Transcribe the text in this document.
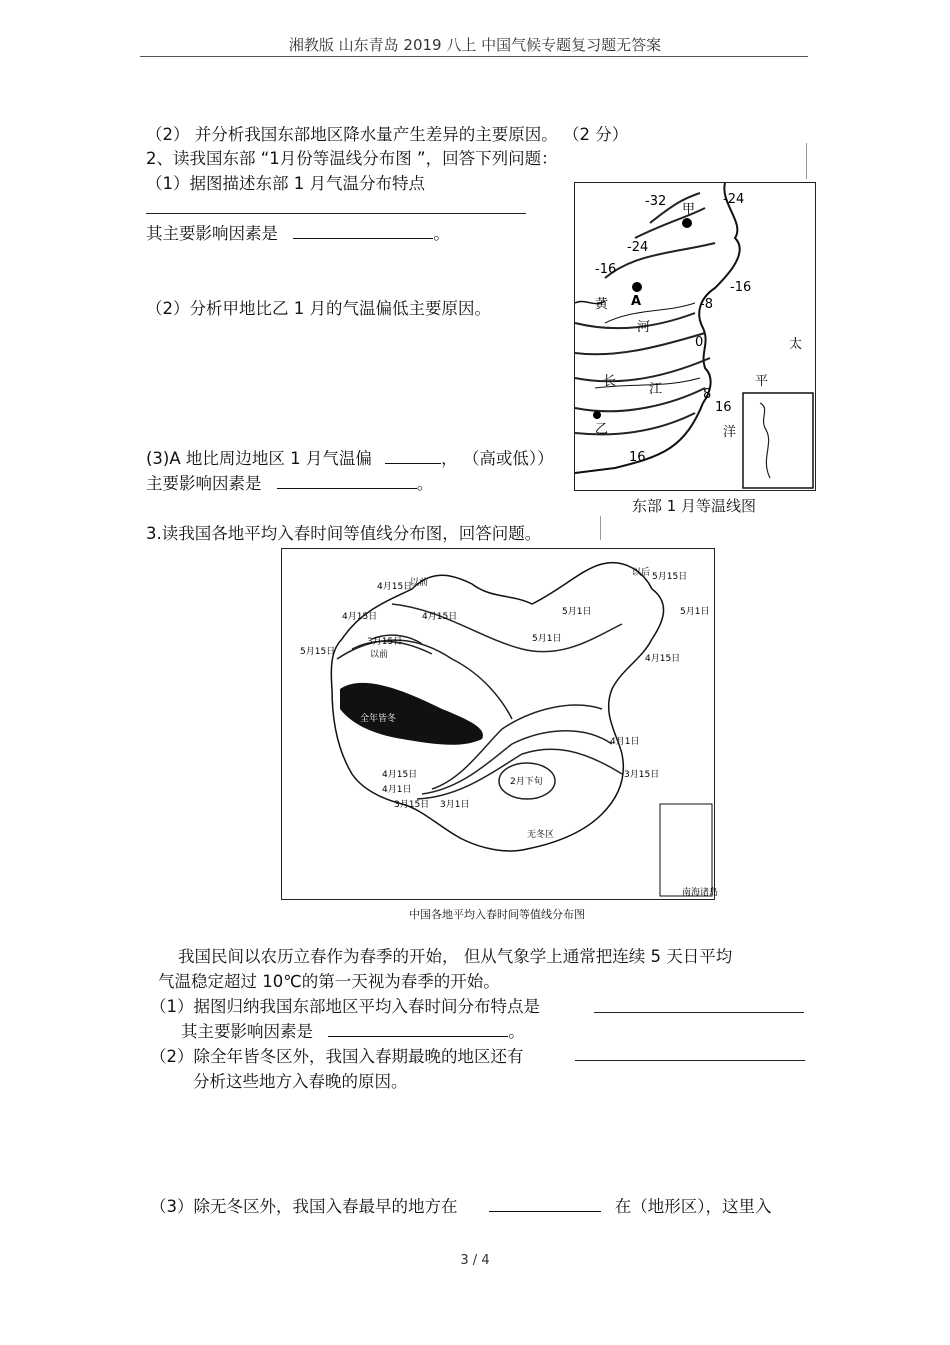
湘教版 山东青岛 2019 八上 中国气候专题复习题无答案
（2） 并分析我国东部地区降水量产生差异的主要原因。 （2 分）
2、读我国东部 “1月份等温线分布图 ”，回答下列问题：
（1）据图描述东部 1 月气温分布特点
其主要影响因素是	。
（2）分析甲地比乙 1 月的气温偏低主要原因。
(3)A 地比周边地区 1 月气温偏	， （高或低））
主要影响因素是	。
-32	-24
甲
-24
-16
-16
A
黄	-8
河
0	太
长
江
平
8
16
洋
乙
16
东部 1 月等温线图
3.读我国各地平均入春时间等值线分布图，回答问题。
以后
4月15日
以前
5月15日
4月15日	4月15日	5月1日	5月1日
5月15日
3月15日
以前
5月1日
4月15日
全年皆冬
4月1日
2月下旬
3月15日
4月15日
4月1日
3月15日 3月1日
无冬区
南海诸岛
中国各地平均入春时间等值线分布图
我国民间以农历立春作为春季的开始， 但从气象学上通常把连续 5 天日平均
气温稳定超过 10℃的第一天视为春季的开始。
（1）据图归纳我国东部地区平均入春时间分布特点是
其主要影响因素是	。
（2）除全年皆冬区外，我国入春期最晚的地区还有
分析这些地方入春晚的原因。
（3）除无冬区外，我国入春最早的地方在	在（地形区），这里入
3 / 4
